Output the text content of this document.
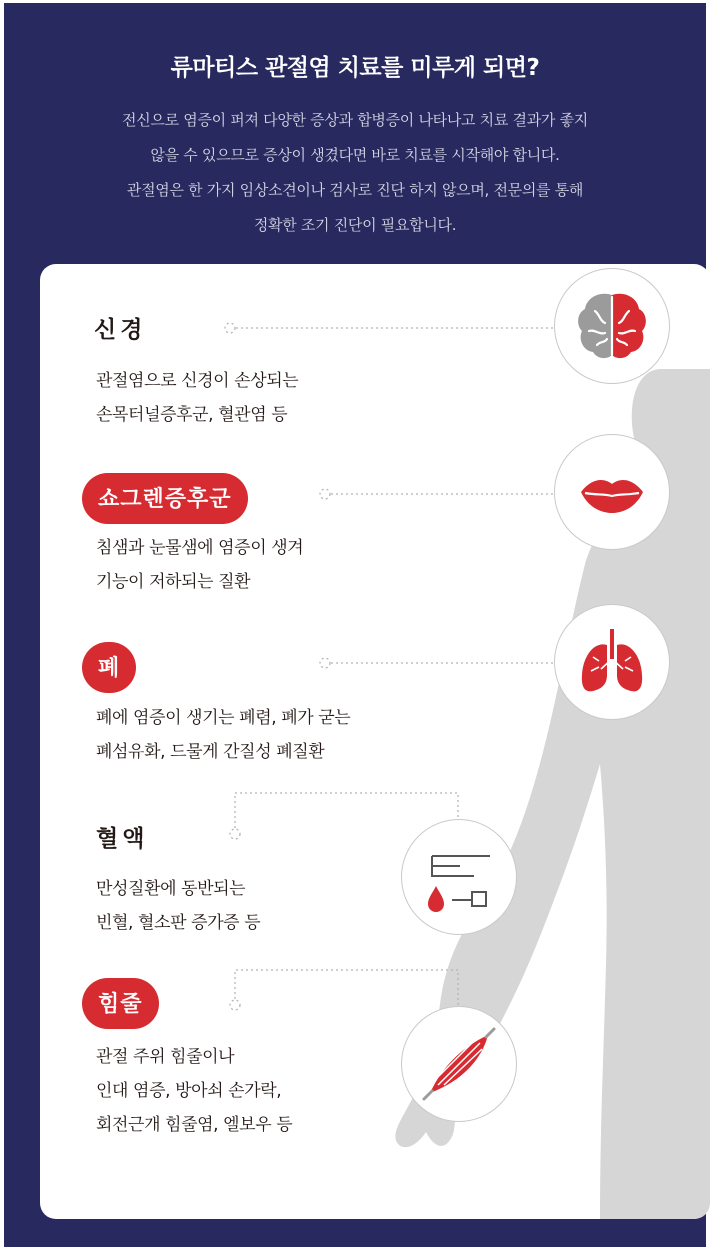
류마티스 관절염 치료를 미루게 되면?
전신으로 염증이 퍼져 다양한 증상과 합병증이 나타나고 치료 결과가 좋지
않을 수 있으므로 증상이 생겼다면 바로 치료를 시작해야 합니다.
관절염은 한 가지 임상소견이나 검사로 진단 하지 않으며, 전문의를 통해
정확한 조기 진단이 필요합니다.
신경
관절염으로 신경이 손상되는
손목터널증후군, 혈관염 등
쇼그렌증후군
침샘과 눈물샘에 염증이 생겨
기능이 저하되는 질환
폐
폐에 염증이 생기는 폐렴, 폐가 굳는
폐섬유화, 드물게 간질성 폐질환
혈액
만성질환에 동반되는
빈혈, 혈소판 증가증 등
힘줄
관절 주위 힘줄이나
인대 염증, 방아쇠 손가락,
회전근개 힘줄염, 엘보우 등
